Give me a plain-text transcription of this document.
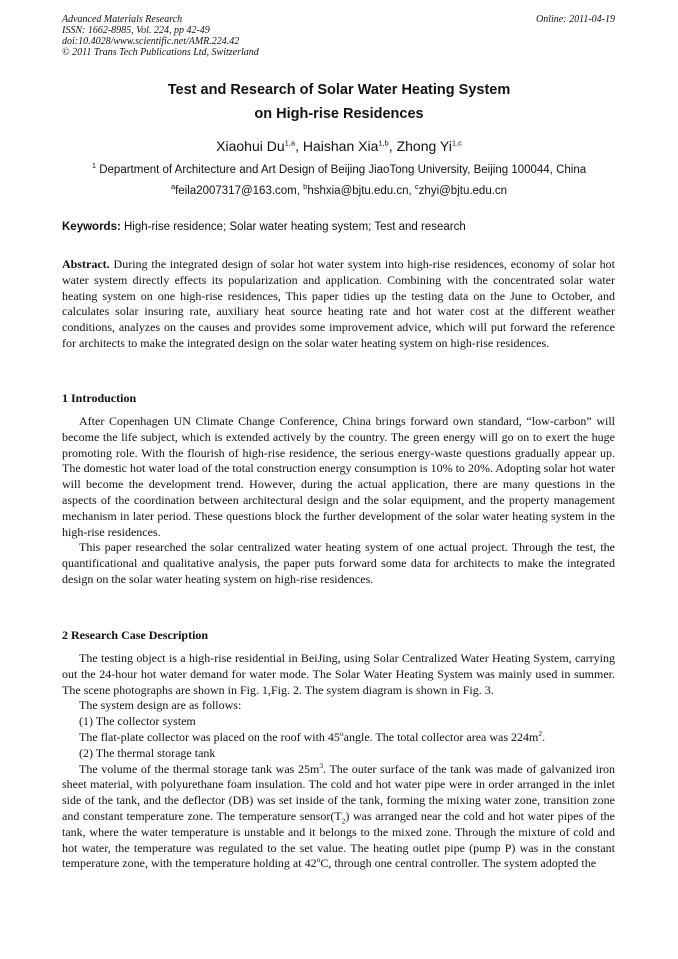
Advanced Materials Research
ISSN: 1662-8985, Vol. 224, pp 42-49
doi:10.4028/www.scientific.net/AMR.224.42
© 2011 Trans Tech Publications Ltd, Switzerland
Online: 2011-04-19
Test and Research of Solar Water Heating System
on High-rise Residences
Xiaohui Du$^{1,a}$, Haishan Xia$^{1,b}$, Zhong Yi$^{1,c}$
$^1$ Department of Architecture and Art Design of Beijing JiaoTong University, Beijing 100044, China
$^a$feila2007317@163.com, $^b$hshxia@bjtu.edu.cn, $^c$zhyi@bjtu.edu.cn
Keywords: High-rise residence; Solar water heating system; Test and research

Abstract. During the integrated design of solar hot water system into high-rise residences, economy of solar hot water system directly effects its popularization and application. Combining with the concentrated solar water heating system on one high-rise residences, This paper tidies up the testing data on the June to October, and calculates solar insuring rate, auxiliary heat source heating rate and hot water cost at the different weather conditions, analyzes on the causes and provides some improvement advice, which will put forward the reference for architects to make the integrated design on the solar water heating system on high-rise residences.

1 Introduction

After Copenhagen UN Climate Change Conference, China brings forward own standard, “low-carbon” will become the life subject, which is extended actively by the country. The green energy will go on to exert the huge promoting role. With the flourish of high-rise residence, the serious energy-waste questions gradually appear up. The domestic hot water load of the total construction energy consumption is 10% to 20%. Adopting solar hot water will become the development trend. However, during the actual application, there are many questions in the aspects of the coordination between architectural design and the solar equipment, and the property management mechanism in later period. These questions block the further development of the solar water heating system in the high-rise residences.

This paper researched the solar centralized water heating system of one actual project. Through the test, the quantificational and qualitative analysis, the paper puts forward some data for architects to make the integrated design on the solar water heating system on high-rise residences.

2 Research Case Description

The testing object is a high-rise residential in BeiJing, using Solar Centralized Water Heating System, carrying out the 24-hour hot water demand for water mode. The Solar Water Heating System was mainly used in summer. The scene photographs are shown in Fig. 1,Fig. 2. The system diagram is shown in Fig. 3.

The system design are as follows:

(1) The collector system

The flat-plate collector was placed on the roof with 45$^o$angle. The total collector area was $224m^2$.

(2) The thermal storage tank

The volume of the thermal storage tank was $25m^3$. The outer surface of the tank was made of galvanized iron sheet material, with polyurethane foam insulation. The cold and hot water pipe were in order arranged in the inlet side of the tank, and the deflector (DB) was set inside of the tank, forming the mixing water zone, transition zone and constant temperature zone. The temperature $sensor(T_2)$ was arranged near the cold and hot water pipes of the tank, where the water temperature is unstable and it belongs to the mixed zone. Through the mixture of cold and hot water, the temperature was regulated to the set value. The heating outlet pipe (pump P) was in the constant temperature zone, with the temperature holding at 42$^o$C, through one central controller. The system adopted the
